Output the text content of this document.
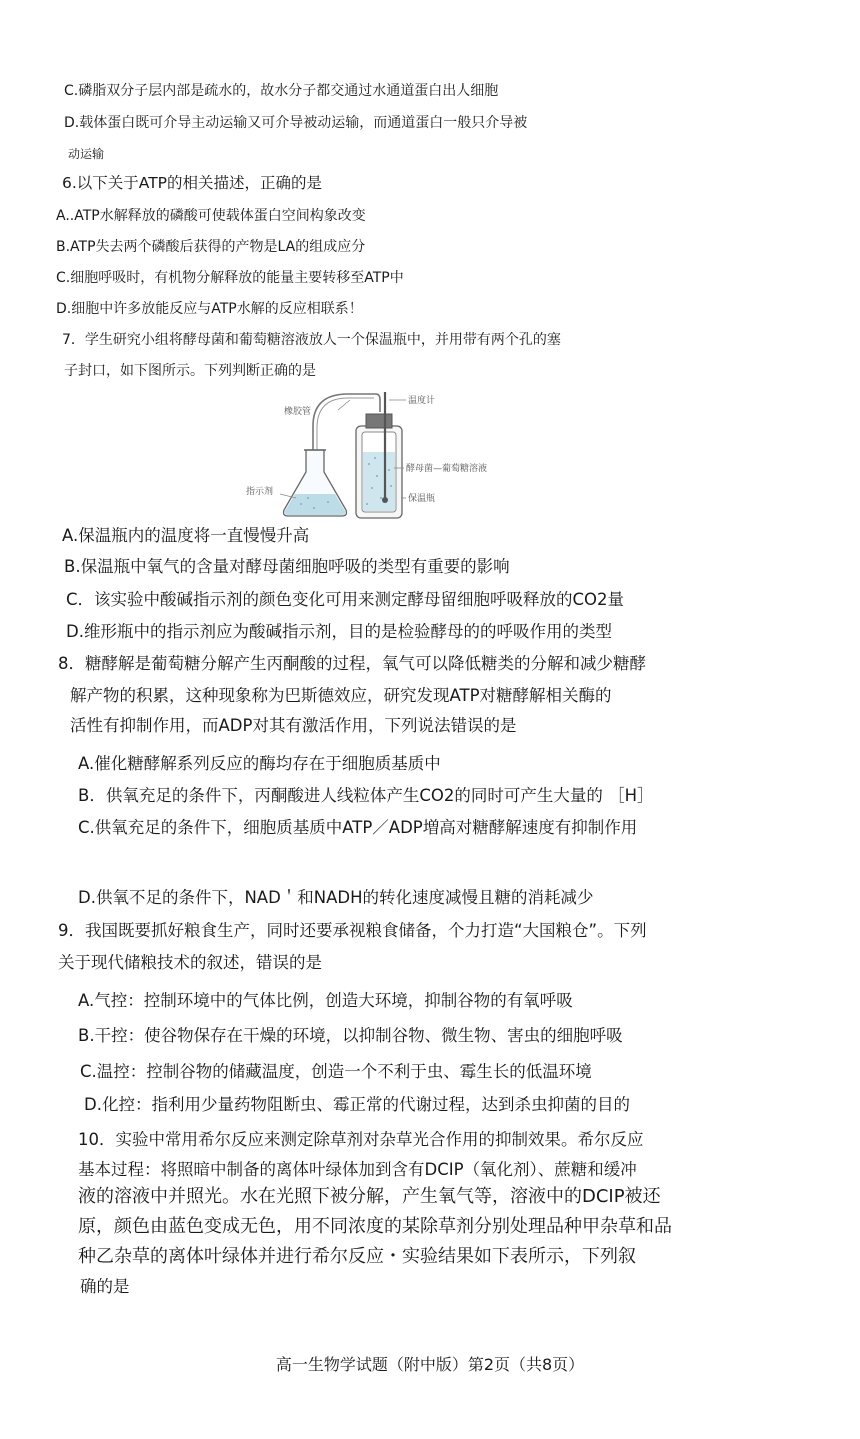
C.磷脂双分子层内部是疏水的，故水分子都交通过水通道蛋白出人细胞
D.载体蛋白既可介导主动运输又可介导被动运输，而通道蛋白一般只介导被
动运输
6.以下关于ATP的相关描述，正确的是
A..ATP水解释放的磷酸可使载体蛋白空间构象改变
B.ATP失去两个磷酸后获得的产物是LA的组成应分
C.细胞呼吸时，有机物分解释放的能量主要转移至ATP中
D.细胞中许多放能反应与ATP水解的反应相联系！
7．学生研究小组将酵母菌和葡萄糖溶液放人一个保温瓶中，并用带有两个孔的塞
子封口，如下图所示。下列判断正确的是
橡胶管
温度计
酵母菌—葡萄糖溶液
指示剂
保温瓶
A.保温瓶内的温度将一直慢慢升高
B.保温瓶中氧气的含量对酵母菌细胞呼吸的类型有重要的影响
C．该实验中酸碱指示剂的颜色变化可用来测定酵母留细胞呼吸释放的CO2量
D.维形瓶中的指示剂应为酸碱指示剂，目的是检验酵母的的呼吸作用的类型
8．糖酵解是葡萄糖分解产生丙酮酸的过程，氧气可以降低糖类的分解和减少糖酵
解产物的积累，这种现象称为巴斯德效应，研究发现ATP对糖酵解相关酶的
活性有抑制作用，而ADP对其有激活作用，下列说法错误的是
A.催化糖酵解系列反应的酶均存在于细胞质基质中
B．供氧充足的条件下，丙酮酸进人线粒体产生CO2的同时可产生大量的 ［H］
C.供氧充足的条件下，细胞质基质中ATP／ADP増高对糖酵解速度有抑制作用
D.供氧不足的条件下，NAD＇和NADH的转化速度减慢且糖的消耗减少
9．我国既要抓好粮食生产，同时还要承视粮食储备，个力打造“大国粮仓”。下列
关于现代储粮技术的叙述，错误的是
A.气控：控制环境中的气体比例，创造大环境，抑制谷物的有氧呼吸
B.干控：使谷物保存在干燥的环境，以抑制谷物、微生物、害虫的细胞呼吸
C.温控：控制谷物的储藏温度，创造一个不利于虫、霉生长的低温环境
D.化控：指利用少量药物阻断虫、霉正常的代谢过程，达到杀虫抑菌的目的
10．实验中常用希尔反应来测定除草剂对杂草光合作用的抑制效果。希尔反应
基本过程：将照暗中制备的离体叶绿体加到含有DCIP（氧化剂）、蔗糖和缓冲
液的溶液中并照光。水在光照下被分解，产生氧气等，溶液中的DCIP被还
原，颜色由蓝色变成无色，用不同浓度的某除草剂分别处理品种甲杂草和品
种乙杂草的离体叶绿体并进行希尔反应・实验结果如下表所示，下列叙
确的是
高一生物学试题（附中版）第2页（共8页）
